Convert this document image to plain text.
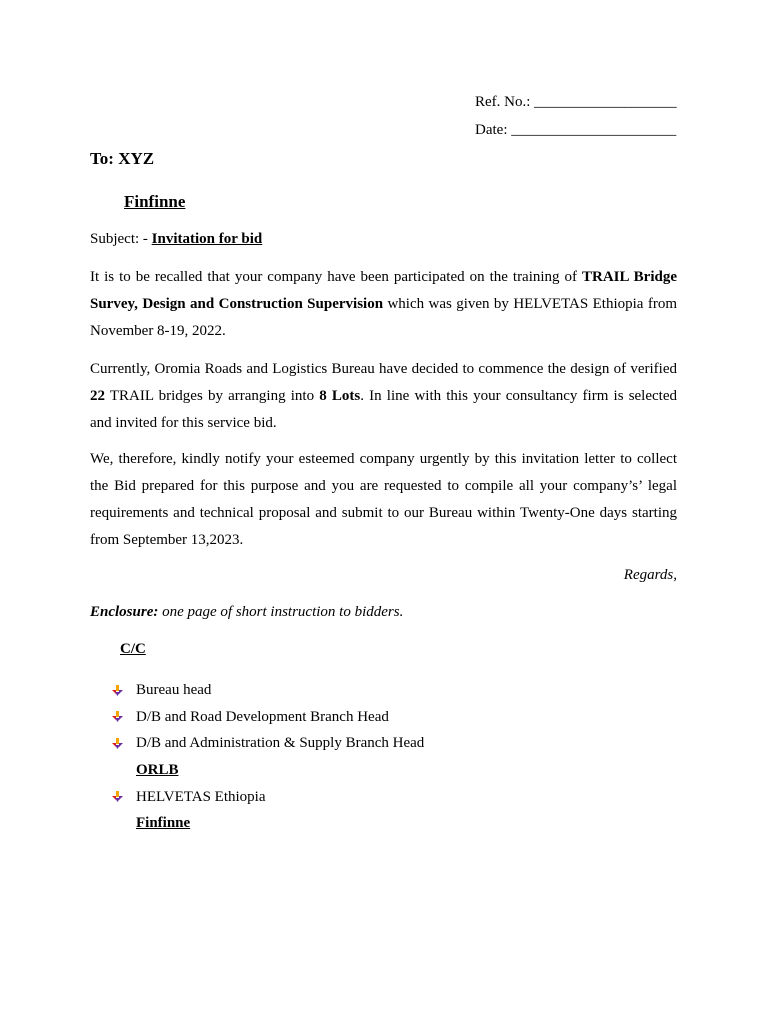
Ref. No.: ___________________
Date: ______________________
To: XYZ
Finfinne
Subject: - Invitation for bid

It is to be recalled that your company have been participated on the training of TRAIL Bridge Survey, Design and Construction Supervision which was given by HELVETAS Ethiopia from November 8-19, 2022.

Currently, Oromia Roads and Logistics Bureau have decided to commence the design of verified 22 TRAIL bridges by arranging into 8 Lots. In line with this your consultancy firm is selected and invited for this service bid.

We, therefore, kindly notify your esteemed company urgently by this invitation letter to collect the Bid prepared for this purpose and you are requested to compile all your company’s’ legal requirements and technical proposal and submit to our Bureau within Twenty-One days starting from September 13,2023.

Regards,
Enclosure: one page of short instruction to bidders.
C/C
Bureau head
D/B and Road Development Branch Head
D/B and Administration & Supply Branch Head
ORLB
HELVETAS Ethiopia
Finfinne
